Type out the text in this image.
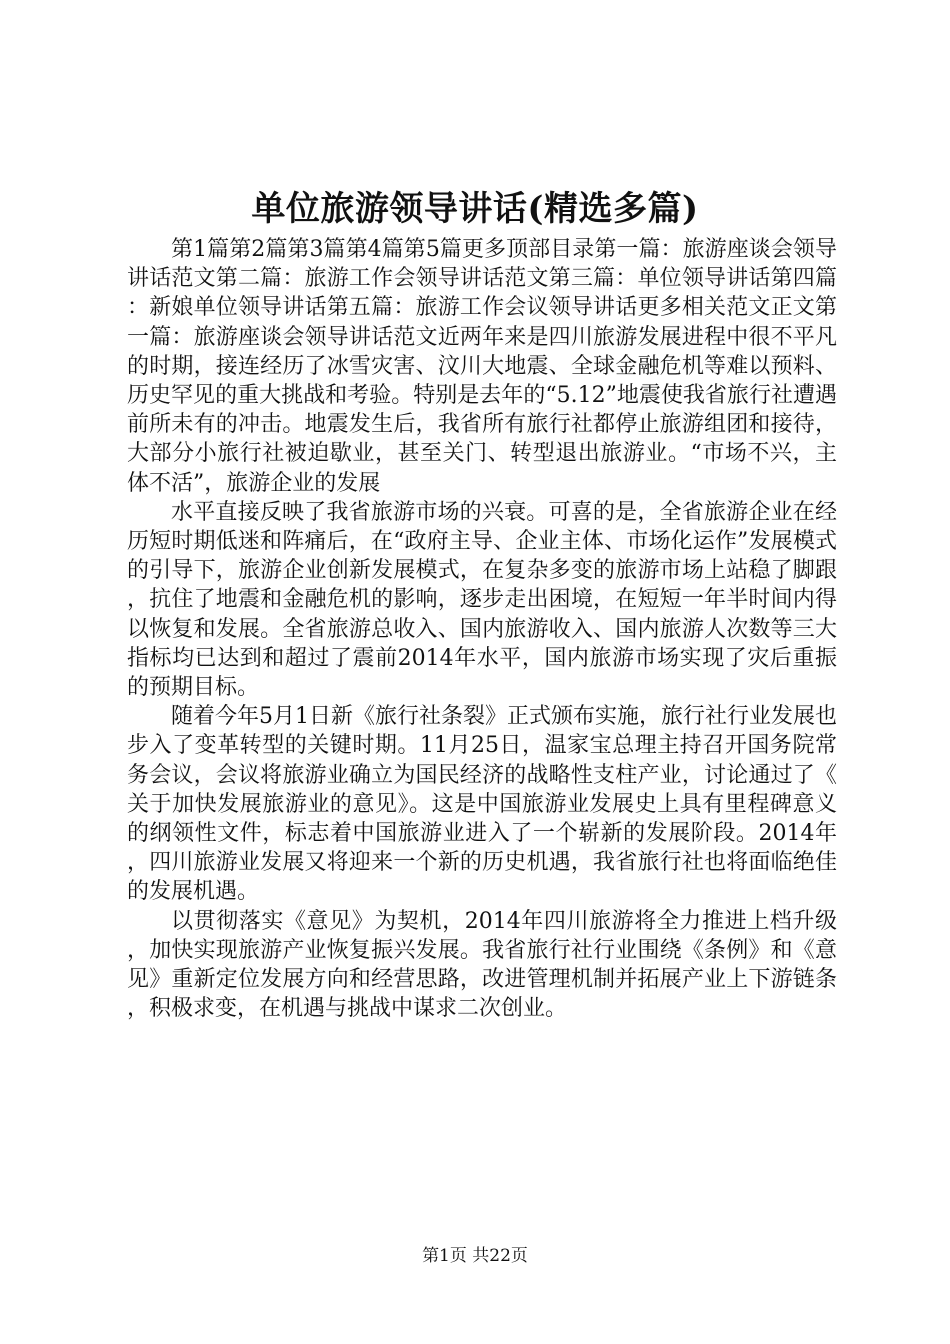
单位旅游领导讲话(精选多篇)

第1篇第2篇第3篇第4篇第5篇更多顶部目录第一篇：旅游座谈会领导讲话范文第二篇：旅游工作会领导讲话范文第三篇：单位领导讲话第四篇：新娘单位领导讲话第五篇：旅游工作会议领导讲话更多相关范文正文第一篇：旅游座谈会领导讲话范文近两年来是四川旅游发展进程中很不平凡的时期，接连经历了冰雪灾害、汶川大地震、全球金融危机等难以预料、历史罕见的重大挑战和考验。特别是去年的“5.12”地震使我省旅行社遭遇前所未有的冲击。地震发生后，我省所有旅行社都停止旅游组团和接待，大部分小旅行社被迫歇业，甚至关门、转型退出旅游业。“市场不兴，主体不活”，旅游企业的发展

水平直接反映了我省旅游市场的兴衰。可喜的是，全省旅游企业在经历短时期低迷和阵痛后，在“政府主导、企业主体、市场化运作”发展模式的引导下，旅游企业创新发展模式，在复杂多变的旅游市场上站稳了脚跟，抗住了地震和金融危机的影响，逐步走出困境，在短短一年半时间内得以恢复和发展。全省旅游总收入、国内旅游收入、国内旅游人次数等三大指标均已达到和超过了震前2014年水平，国内旅游市场实现了灾后重振的预期目标。

随着今年5月1日新《旅行社条裂》正式颁布实施，旅行社行业发展也步入了变革转型的关键时期。11月25日，温家宝总理主持召开国务院常务会议，会议将旅游业确立为国民经济的战略性支柱产业，讨论通过了《关于加快发展旅游业的意见》。这是中国旅游业发展史上具有里程碑意义的纲领性文件，标志着中国旅游业进入了一个崭新的发展阶段。2014年，四川旅游业发展又将迎来一个新的历史机遇，我省旅行社也将面临绝佳的发展机遇。

以贯彻落实《意见》为契机，2014年四川旅游将全力推进上档升级，加快实现旅游产业恢复振兴发展。我省旅行社行业围绕《条例》和《意见》重新定位发展方向和经营思路，改进管理机制并拓展产业上下游链条，积极求变，在机遇与挑战中谋求二次创业。

第1页 共22页
